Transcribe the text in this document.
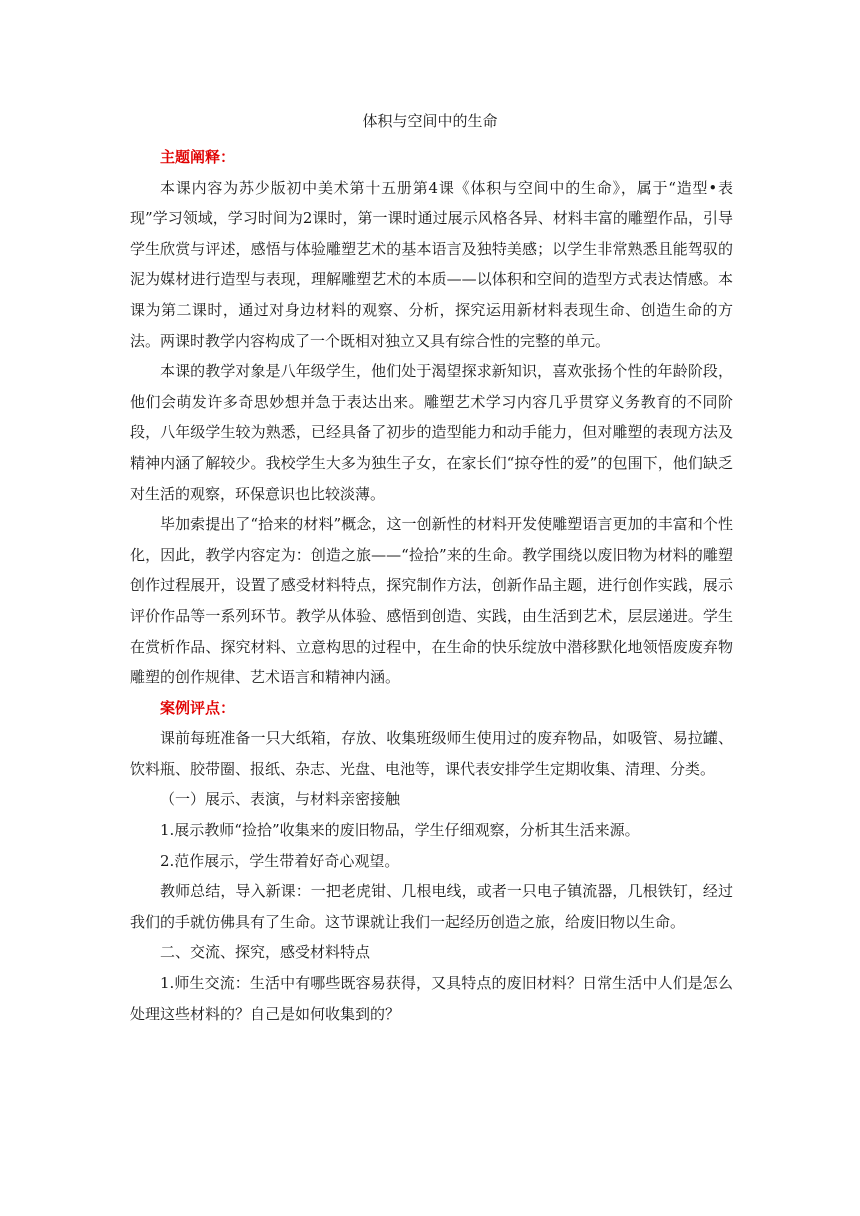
体积与空间中的生命

主题阐释：

本课内容为苏少版初中美术第十五册第4课《体积与空间中的生命》，属于“造型•表现”学习领域，学习时间为2课时，第一课时通过展示风格各异、材料丰富的雕塑作品，引导学生欣赏与评述，感悟与体验雕塑艺术的基本语言及独特美感；以学生非常熟悉且能驾驭的泥为媒材进行造型与表现，理解雕塑艺术的本质——以体积和空间的造型方式表达情感。本课为第二课时，通过对身边材料的观察、分析，探究运用新材料表现生命、创造生命的方法。两课时教学内容构成了一个既相对独立又具有综合性的完整的单元。

本课的教学对象是八年级学生，他们处于渴望探求新知识，喜欢张扬个性的年龄阶段，他们会萌发许多奇思妙想并急于表达出来。雕塑艺术学习内容几乎贯穿义务教育的不同阶段，八年级学生较为熟悉，已经具备了初步的造型能力和动手能力，但对雕塑的表现方法及精神内涵了解较少。我校学生大多为独生子女，在家长们“掠夺性的爱”的包围下，他们缺乏对生活的观察，环保意识也比较淡薄。

毕加索提出了“拾来的材料”概念，这一创新性的材料开发使雕塑语言更加的丰富和个性化，因此，教学内容定为：创造之旅——“捡拾”来的生命。教学围绕以废旧物为材料的雕塑创作过程展开，设置了感受材料特点，探究制作方法，创新作品主题，进行创作实践，展示评价作品等一系列环节。教学从体验、感悟到创造、实践，由生活到艺术，层层递进。学生在赏析作品、探究材料、立意构思的过程中，在生命的快乐绽放中潜移默化地领悟废废弃物雕塑的创作规律、艺术语言和精神内涵。

案例评点：

课前每班准备一只大纸箱，存放、收集班级师生使用过的废弃物品，如吸管、易拉罐、饮料瓶、胶带圈、报纸、杂志、光盘、电池等，课代表安排学生定期收集、清理、分类。

（一）展示、表演，与材料亲密接触

1.展示教师“捡拾”收集来的废旧物品，学生仔细观察，分析其生活来源。

2.范作展示，学生带着好奇心观望。

教师总结，导入新课：一把老虎钳、几根电线，或者一只电子镇流器，几根铁钉，经过我们的手就仿佛具有了生命。这节课就让我们一起经历创造之旅，给废旧物以生命。

二、交流、探究，感受材料特点

1.师生交流：生活中有哪些既容易获得，又具特点的废旧材料？日常生活中人们是怎么处理这些材料的？自己是如何收集到的？
